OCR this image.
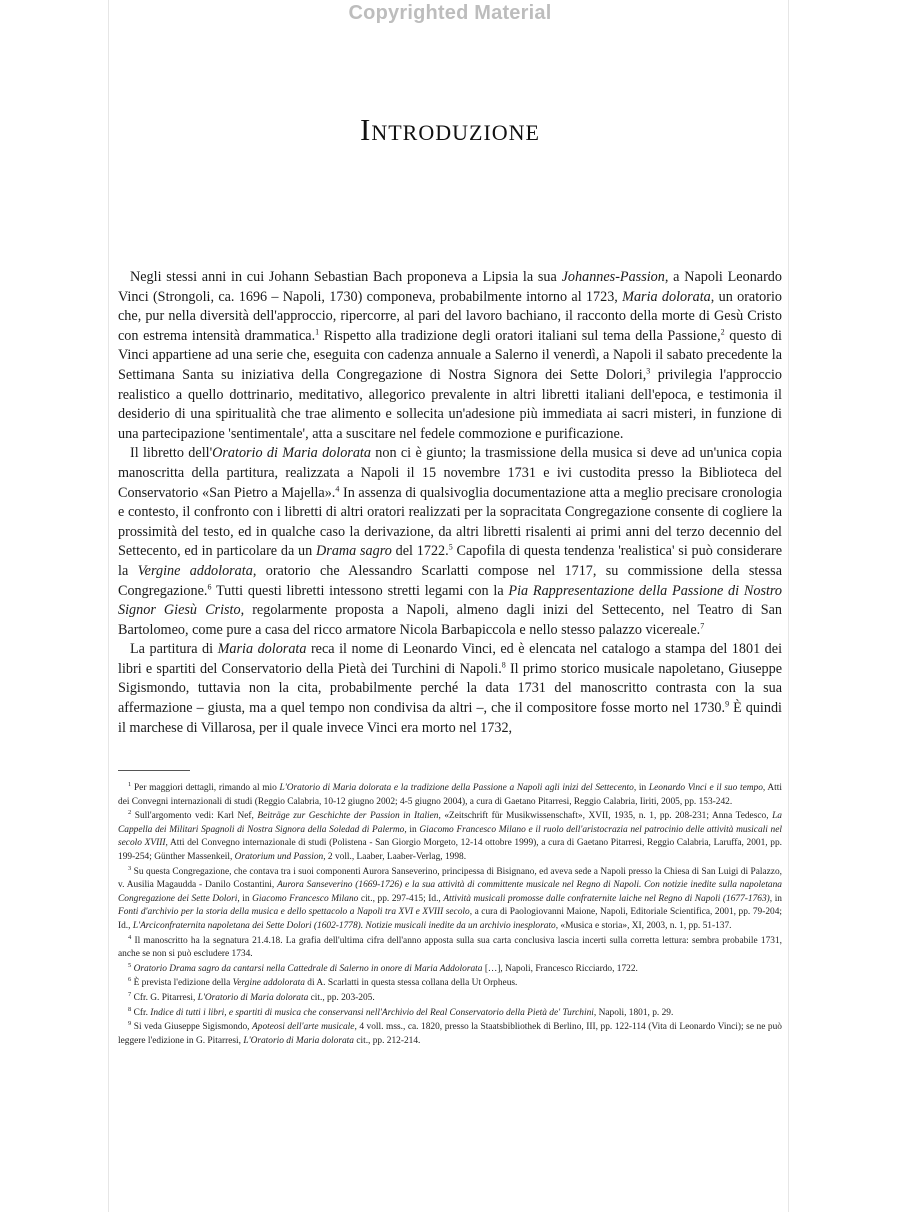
Copyrighted Material
Introduzione

Negli stessi anni in cui Johann Sebastian Bach proponeva a Lipsia la sua Johannes-Passion, a Napoli Leonardo Vinci (Strongoli, ca. 1696 – Napoli, 1730) componeva, probabilmente intorno al 1723, Maria dolorata, un oratorio che, pur nella diversità dell'approccio, ripercorre, al pari del lavoro bachiano, il racconto della morte di Gesù Cristo con estrema intensità drammatica.$^1$ Rispetto alla tradizione degli oratori italiani sul tema della Passione,$^2$ questo di Vinci appartiene ad una serie che, eseguita con cadenza annuale a Salerno il venerdì, a Napoli il sabato precedente la Settimana Santa su iniziativa della Congregazione di Nostra Signora dei Sette Dolori,$^3$ privilegia l'approccio realistico a quello dottrinario, meditativo, allegorico prevalente in altri libretti italiani dell'epoca, e testimonia il desiderio di una spiritualità che trae alimento e sollecita un'adesione più immediata ai sacri misteri, in funzione di una partecipazione 'sentimentale', atta a suscitare nel fedele commozione e purificazione.

Il libretto dell'Oratorio di Maria dolorata non ci è giunto; la trasmissione della musica si deve ad un'unica copia manoscritta della partitura, realizzata a Napoli il 15 novembre 1731 e ivi custodita presso la Biblioteca del Conservatorio «San Pietro a Majella».$^4$ In assenza di qualsivoglia documentazione atta a meglio precisare cronologia e contesto, il confronto con i libretti di altri oratori realizzati per la sopracitata Congregazione consente di cogliere la prossimità del testo, ed in qualche caso la derivazione, da altri libretti risalenti ai primi anni del terzo decennio del Settecento, ed in particolare da un Drama sagro del 1722.$^5$ Capofila di questa tendenza 'realistica' si può considerare la Vergine addolorata, oratorio che Alessandro Scarlatti compose nel 1717, su commissione della stessa Congregazione.$^6$ Tutti questi libretti intessono stretti legami con la Pia Rappresentazione della Passione di Nostro Signor Giesù Cristo, regolarmente proposta a Napoli, almeno dagli inizi del Settecento, nel Teatro di San Bartolomeo, come pure a casa del ricco armatore Nicola Barbapiccola e nello stesso palazzo vicereale.$^7$

La partitura di Maria dolorata reca il nome di Leonardo Vinci, ed è elencata nel catalogo a stampa del 1801 dei libri e spartiti del Conservatorio della Pietà dei Turchini di Napoli.$^8$ Il primo storico musicale napoletano, Giuseppe Sigismondo, tuttavia non la cita, probabilmente perché la data 1731 del manoscritto contrasta con la sua affermazione – giusta, ma a quel tempo non condivisa da altri –, che il compositore fosse morto nel 1730.$^9$ È quindi il marchese di Villarosa, per il quale invece Vinci era morto nel 1732,

$^1$ Per maggiori dettagli, rimando al mio L'Oratorio di Maria dolorata e la tradizione della Passione a Napoli agli inizi del Settecento, in Leonardo Vinci e il suo tempo, Atti dei Convegni internazionali di studi (Reggio Calabria, 10-12 giugno 2002; 4-5 giugno 2004), a cura di Gaetano Pitarresi, Reggio Calabria, Iiriti, 2005, pp. 153-242.

$^2$ Sull'argomento vedi: Karl Nef, Beiträge zur Geschichte der Passion in Italien, «Zeitschrift für Musikwissenschaft», XVII, 1935, n. 1, pp. 208-231; Anna Tedesco, La Cappella dei Militari Spagnoli di Nostra Signora della Soledad di Palermo, in Giacomo Francesco Milano e il ruolo dell'aristocrazia nel patrocinio delle attività musicali nel secolo XVIII, Atti del Convegno internazionale di studi (Polistena - San Giorgio Morgeto, 12-14 ottobre 1999), a cura di Gaetano Pitarresi, Reggio Calabria, Laruffa, 2001, pp. 199-254; Günther Massenkeil, Oratorium und Passion, 2 voll., Laaber, Laaber-Verlag, 1998.

$^3$ Su questa Congregazione, che contava tra i suoi componenti Aurora Sanseverino, principessa di Bisignano, ed aveva sede a Napoli presso la Chiesa di San Luigi di Palazzo, v. Ausilia Magaudda - Danilo Costantini, Aurora Sanseverino (1669-1726) e la sua attività di committente musicale nel Regno di Napoli. Con notizie inedite sulla napoletana Congregazione dei Sette Dolori, in Giacomo Francesco Milano cit., pp. 297-415; Id., Attività musicali promosse dalle confraternite laiche nel Regno di Napoli (1677-1763), in Fonti d'archivio per la storia della musica e dello spettacolo a Napoli tra XVI e XVIII secolo, a cura di Paologiovanni Maione, Napoli, Editoriale Scientifica, 2001, pp. 79-204; Id., L'Arciconfraternita napoletana dei Sette Dolori (1602-1778). Notizie musicali inedite da un archivio inesplorato, «Musica e storia», XI, 2003, n. 1, pp. 51-137.

$^4$ Il manoscritto ha la segnatura 21.4.18. La grafia dell'ultima cifra dell'anno apposta sulla sua carta conclusiva lascia incerti sulla corretta lettura: sembra probabile 1731, anche se non si può escludere 1734.

$^5$ Oratorio Drama sagro da cantarsi nella Cattedrale di Salerno in onore di Maria Addolorata […], Napoli, Francesco Ricciardo, 1722.

$^6$ È prevista l'edizione della Vergine addolorata di A. Scarlatti in questa stessa collana della Ut Orpheus.

$^7$ Cfr. G. Pitarresi, L'Oratorio di Maria dolorata cit., pp. 203-205.

$^8$ Cfr. Indice di tutti i libri, e spartiti di musica che conservansi nell'Archivio del Real Conservatorio della Pietà de' Turchini, Napoli, 1801, p. 29.

$^9$ Si veda Giuseppe Sigismondo, Apoteosi dell'arte musicale, 4 voll. mss., ca. 1820, presso la Staatsbibliothek di Berlino, III, pp. 122-114 (Vita di Leonardo Vinci); se ne può leggere l'edizione in G. Pitarresi, L'Oratorio di Maria dolorata cit., pp. 212-214.
